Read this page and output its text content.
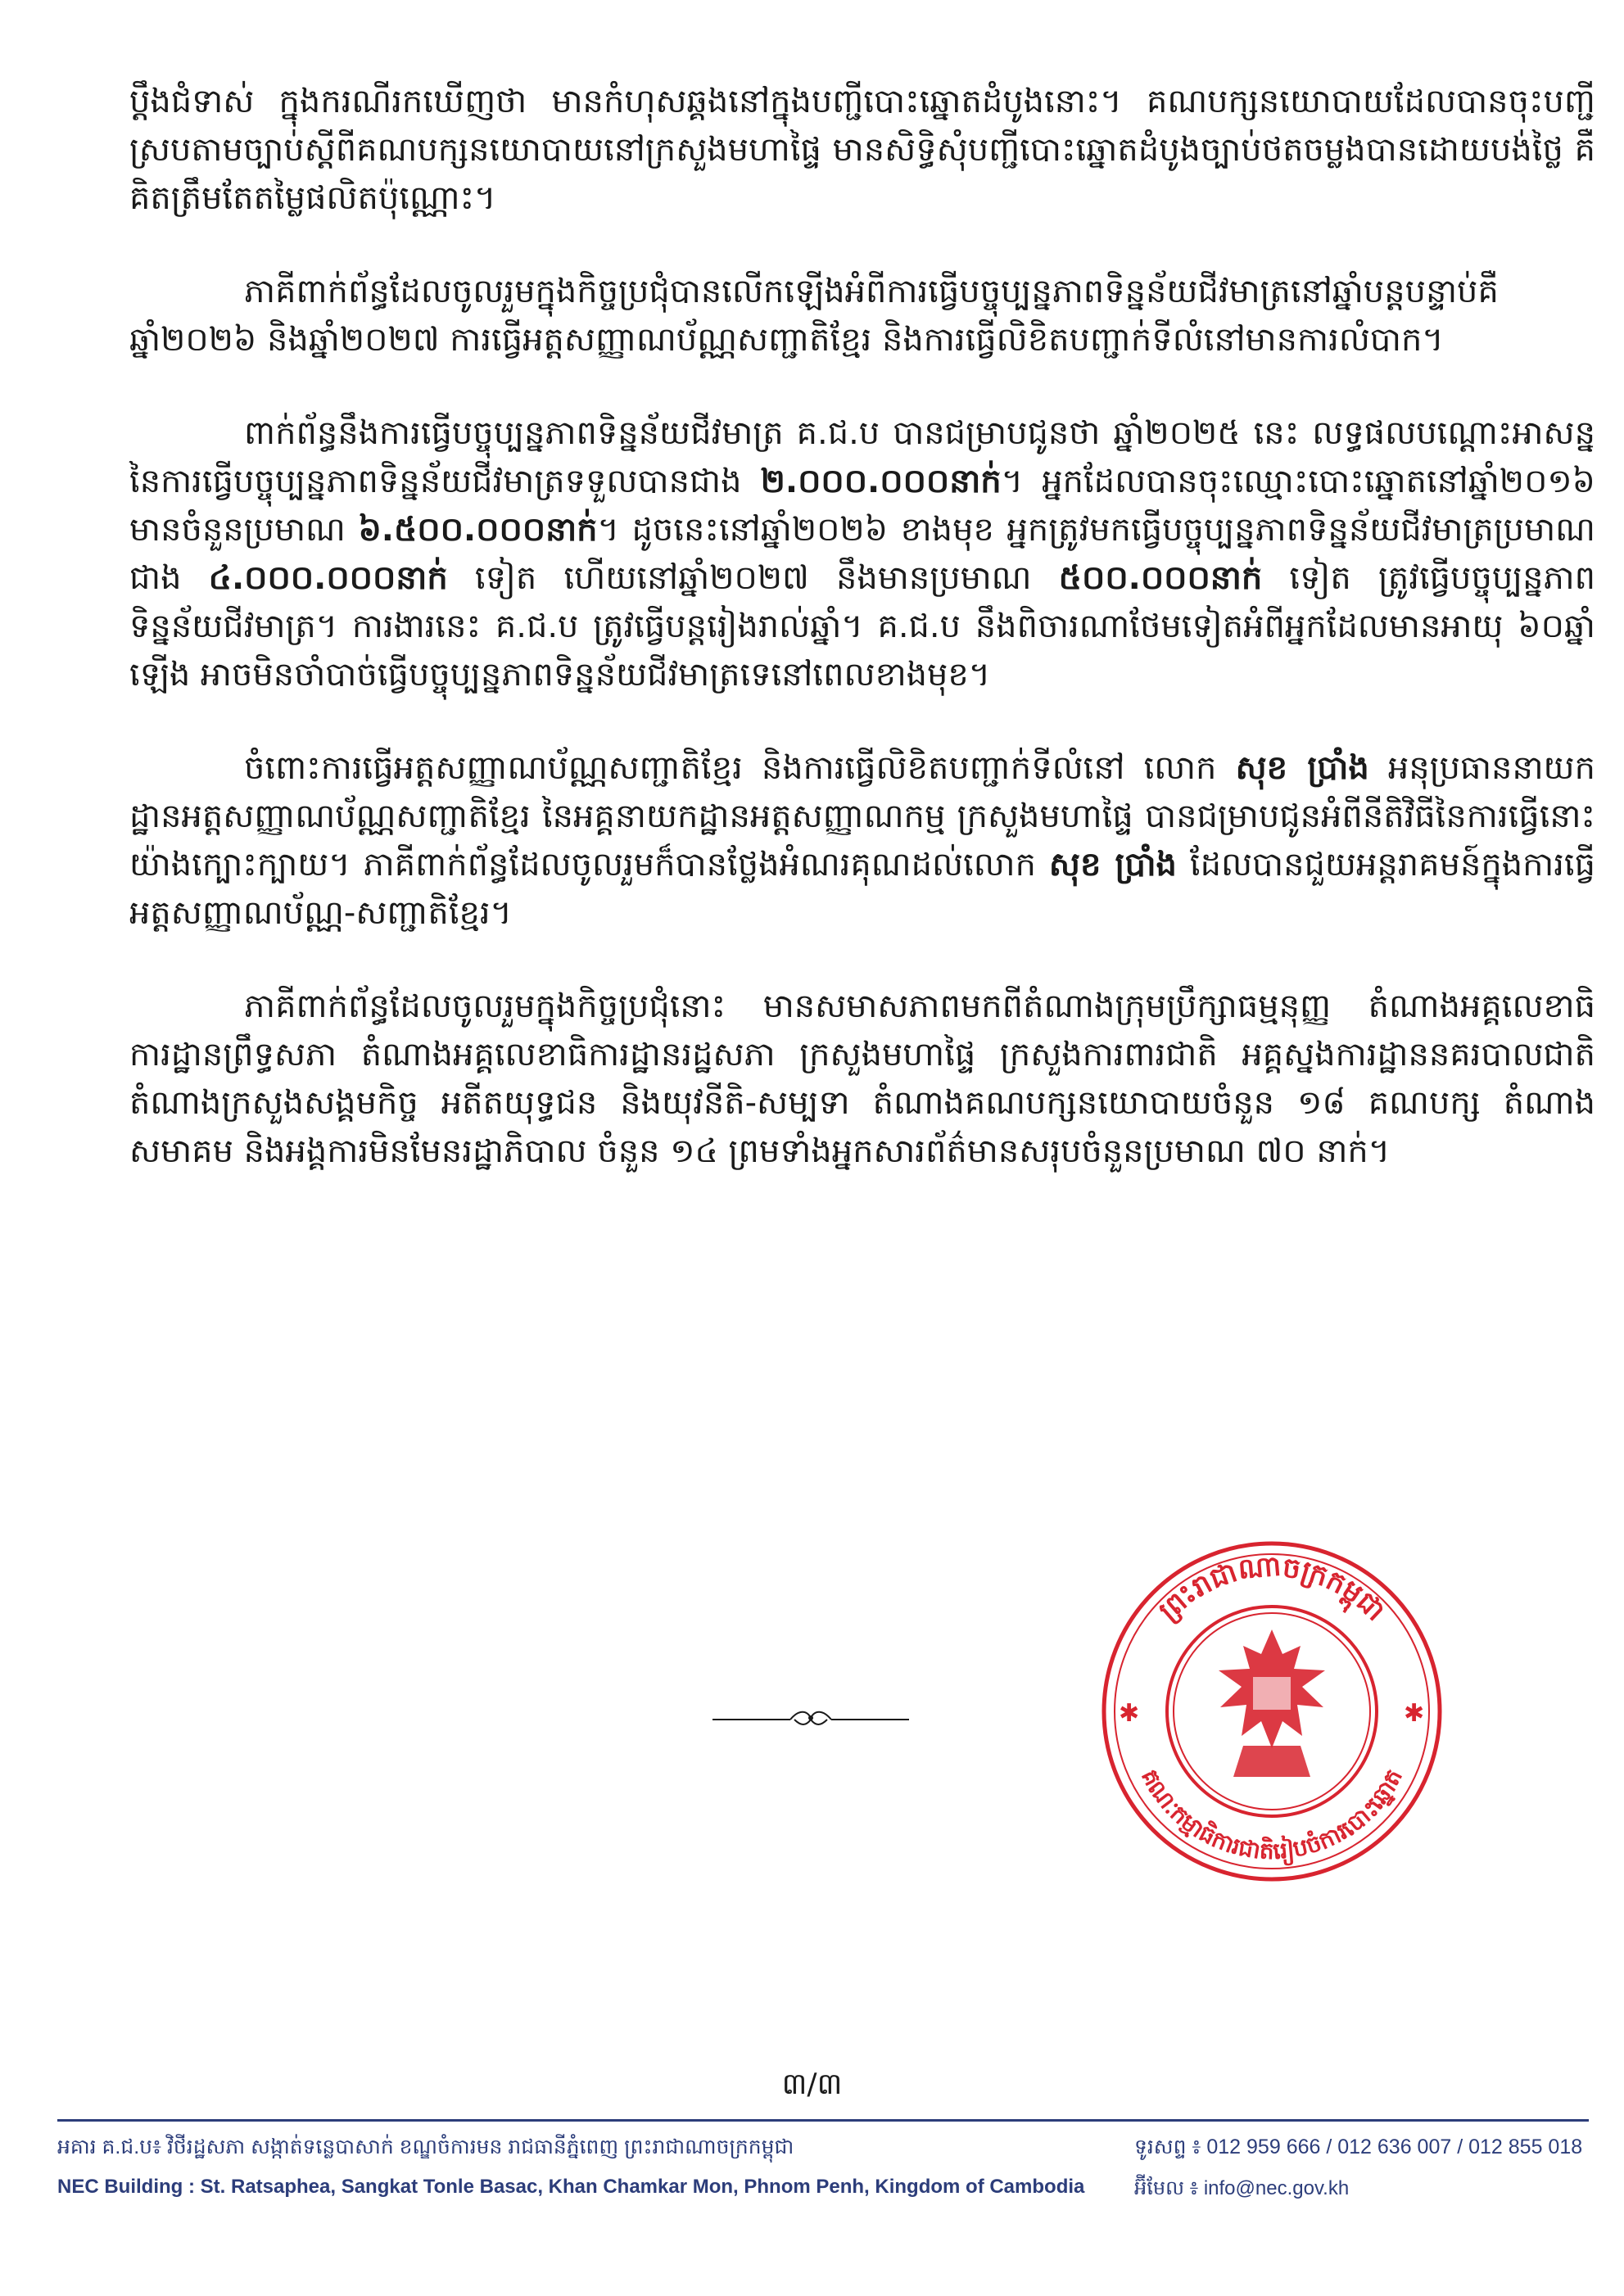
ប្ដឹងជំទាស់ ក្នុងករណីរកឃើញថា មានកំហុសឆ្គងនៅក្នុងបញ្ជីបោះឆ្នោតដំបូងនោះ។ គណបក្សនយោបាយដែលបានចុះបញ្ជីស្របតាមច្បាប់ស្ដីពីគណបក្សនយោបាយនៅក្រសួងមហាផ្ទៃ មានសិទ្ធិសុំបញ្ជីបោះឆ្នោតដំបូងច្បាប់ថតចម្លងបានដោយបង់ថ្លៃ គឺគិតត្រឹមតែតម្លៃផលិតប៉ុណ្ណោះ។

ភាគីពាក់ព័ន្ធដែលចូលរួមក្នុងកិច្ចប្រជុំបានលើកឡើងអំពីការធ្វើបច្ចុប្បន្នភាពទិន្នន័យជីវមាត្រនៅឆ្នាំបន្តបន្ទាប់គឺ ឆ្នាំ២០២៦ និងឆ្នាំ២០២៧ ការធ្វើអត្តសញ្ញាណប័ណ្ណសញ្ជាតិខ្មែរ និងការធ្វើលិខិតបញ្ជាក់ទីលំនៅមានការលំបាក។

ពាក់ព័ន្ធនឹងការធ្វើបច្ចុប្បន្នភាពទិន្នន័យជីវមាត្រ គ.ជ.ប បានជម្រាបជូនថា ឆ្នាំ២០២៥ នេះ លទ្ធផលបណ្តោះអាសន្ននៃការធ្វើបច្ចុប្បន្នភាពទិន្នន័យជីវមាត្រទទួលបានជាង ២.០០០.០០០នាក់។ អ្នកដែលបានចុះឈ្មោះបោះឆ្នោតនៅឆ្នាំ២០១៦ មានចំនួនប្រមាណ ៦.៥០០.០០០នាក់។ ដូចនេះនៅឆ្នាំ២០២៦ ខាងមុខ អ្នកត្រូវមកធ្វើបច្ចុប្បន្នភាពទិន្នន័យជីវមាត្រប្រមាណជាង ៤.០០០.០០០នាក់ ទៀត ហើយនៅឆ្នាំ២០២៧ នឹងមានប្រមាណ ៥០០.០០០នាក់ ទៀត ត្រូវធ្វើបច្ចុប្បន្នភាពទិន្នន័យជីវមាត្រ។ ការងារនេះ គ.ជ.ប ត្រូវធ្វើបន្តរៀងរាល់ឆ្នាំ។ គ.ជ.ប នឹងពិចារណាថែមទៀតអំពីអ្នកដែលមានអាយុ ៦០ឆ្នាំឡើង អាចមិនចាំបាច់ធ្វើបច្ចុប្បន្នភាពទិន្នន័យជីវមាត្រទេនៅពេលខាងមុខ។

ចំពោះការធ្វើអត្តសញ្ញាណប័ណ្ណសញ្ជាតិខ្មែរ និងការធ្វើលិខិតបញ្ជាក់ទីលំនៅ លោក សុខ ប្រាំង អនុប្រធាននាយកដ្ឋានអត្តសញ្ញាណប័ណ្ណសញ្ជាតិខ្មែរ នៃអគ្គនាយកដ្ឋានអត្តសញ្ញាណកម្ម ក្រសួងមហាផ្ទៃ បានជម្រាបជូនអំពីនីតិវិធីនៃការធ្វើនោះយ៉ាងក្បោះក្បាយ។ ភាគីពាក់ព័ន្ធដែលចូលរួមក៏បានថ្លែងអំណរគុណដល់លោក សុខ ប្រាំង ដែលបានជួយអន្តរាគមន៍ក្នុងការធ្វើអត្តសញ្ញាណប័ណ្ណ-សញ្ជាតិខ្មែរ។

ភាគីពាក់ព័ន្ធដែលចូលរួមក្នុងកិច្ចប្រជុំនោះ មានសមាសភាពមកពីតំណាងក្រុមប្រឹក្សាធម្មនុញ្ញ តំណាងអគ្គលេខាធិការដ្ឋានព្រឹទ្ធសភា តំណាងអគ្គលេខាធិការដ្ឋានរដ្ឋសភា ក្រសួងមហាផ្ទៃ ក្រសួងការពារជាតិ អគ្គស្នងការដ្ឋាននគរបាលជាតិ តំណាងក្រសួងសង្គមកិច្ច អតីតយុទ្ធជន និងយុវនីតិ-សម្បទា តំណាងគណបក្សនយោបាយចំនួន ១៨ គណបក្ស តំណាងសមាគម និងអង្គការមិនមែនរដ្ឋាភិបាល ចំនួន ១៤ ព្រមទាំងអ្នកសារព័ត៌មានសរុបចំនួនប្រមាណ ៧០ នាក់។

ព្រះរាជាណាចក្រកម្ពុជា
គណៈកម្មាធិការជាតិរៀបចំការបោះឆ្នោត
✱	✱
៣/៣
អគារ គ.ជ.ប៖ វិថីរដ្ឋសភា សង្កាត់ទន្លេបាសាក់ ខណ្ឌចំការមន រាជធានីភ្នំពេញ ព្រះរាជាណាចក្រកម្ពុជា
NEC Building : St. Ratsaphea, Sangkat Tonle Basac, Khan Chamkar Mon, Phnom Penh, Kingdom of Cambodia
ទូរសព្ទ ៖ 012 959 666 / 012 636 007 / 012 855 018
អ៊ីមែល ៖ info@nec.gov.kh
